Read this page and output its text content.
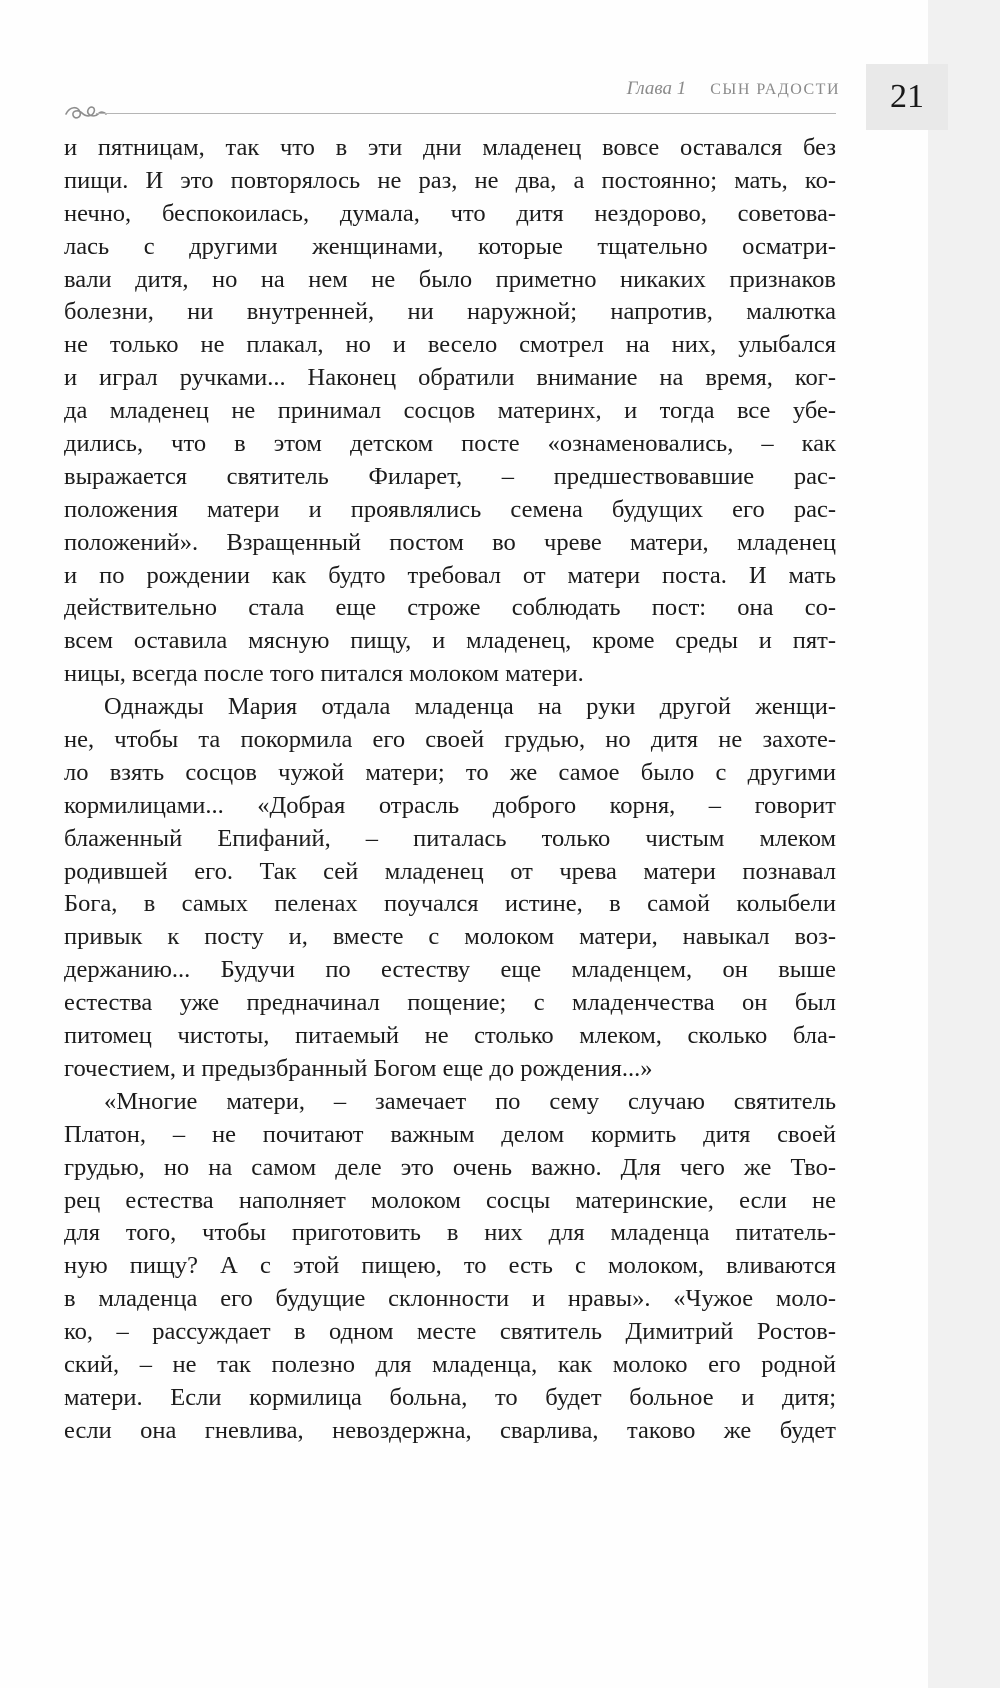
21
Глава 1 СЫН РАДОСТИ
и пятницам, так что в эти дни младенец вовсе оставался без
пищи. И это повторялось не раз, не два, а постоянно; мать, ко-
нечно, беспокоилась, думала, что дитя нездорово, советова-
лась с другими женщинами, которые тщательно осматри-
вали дитя, но на нем не было приметно никаких признаков
болезни, ни внутренней, ни наружной; напротив, малютка
не только не плакал, но и весело смотрел на них, улыбался
и играл ручками... Наконец обратили внимание на время, ког-
да младенец не принимал сосцов материнх, и тогда все убе-
дились, что в этом детском посте «ознаменовались, – как
выражается святитель Филарет, – предшествовавшие рас-
положения матери и проявлялись семена будущих его рас-
положений». Взращенный постом во чреве матери, младенец
и по рождении как будто требовал от матери поста. И мать
действительно стала еще строже соблюдать пост: она со-
всем оставила мясную пищу, и младенец, кроме среды и пят-
ницы, всегда после того питался молоком матери.
Однажды Мария отдала младенца на руки другой женщи-
не, чтобы та покормила его своей грудью, но дитя не захоте-
ло взять сосцов чужой матери; то же самое было с другими
кормилицами... «Добрая отрасль доброго корня, – говорит
блаженный Епифаний, – питалась только чистым млеком
родившей его. Так сей младенец от чрева матери познавал
Бога, в самых пеленах поучался истине, в самой колыбели
привык к посту и, вместе с молоком матери, навыкал воз-
держанию... Будучи по естеству еще младенцем, он выше
естества уже предначинал пощение; с младенчества он был
питомец чистоты, питаемый не столько млеком, сколько бла-
гочестием, и предызбранный Богом еще до рождения...»
«Многие матери, – замечает по сему случаю святитель
Платон, – не почитают важным делом кормить дитя своей
грудью, но на самом деле это очень важно. Для чего же Тво-
рец естества наполняет молоком сосцы материнские, если не
для того, чтобы приготовить в них для младенца питатель-
ную пищу? А с этой пищею, то есть с молоком, вливаются
в младенца его будущие склонности и нравы». «Чужое моло-
ко, – рассуждает в одном месте святитель Димитрий Ростов-
ский, – не так полезно для младенца, как молоко его родной
матери. Если кормилица больна, то будет больное и дитя;
если она гневлива, невоздержна, сварлива, таково же будет
